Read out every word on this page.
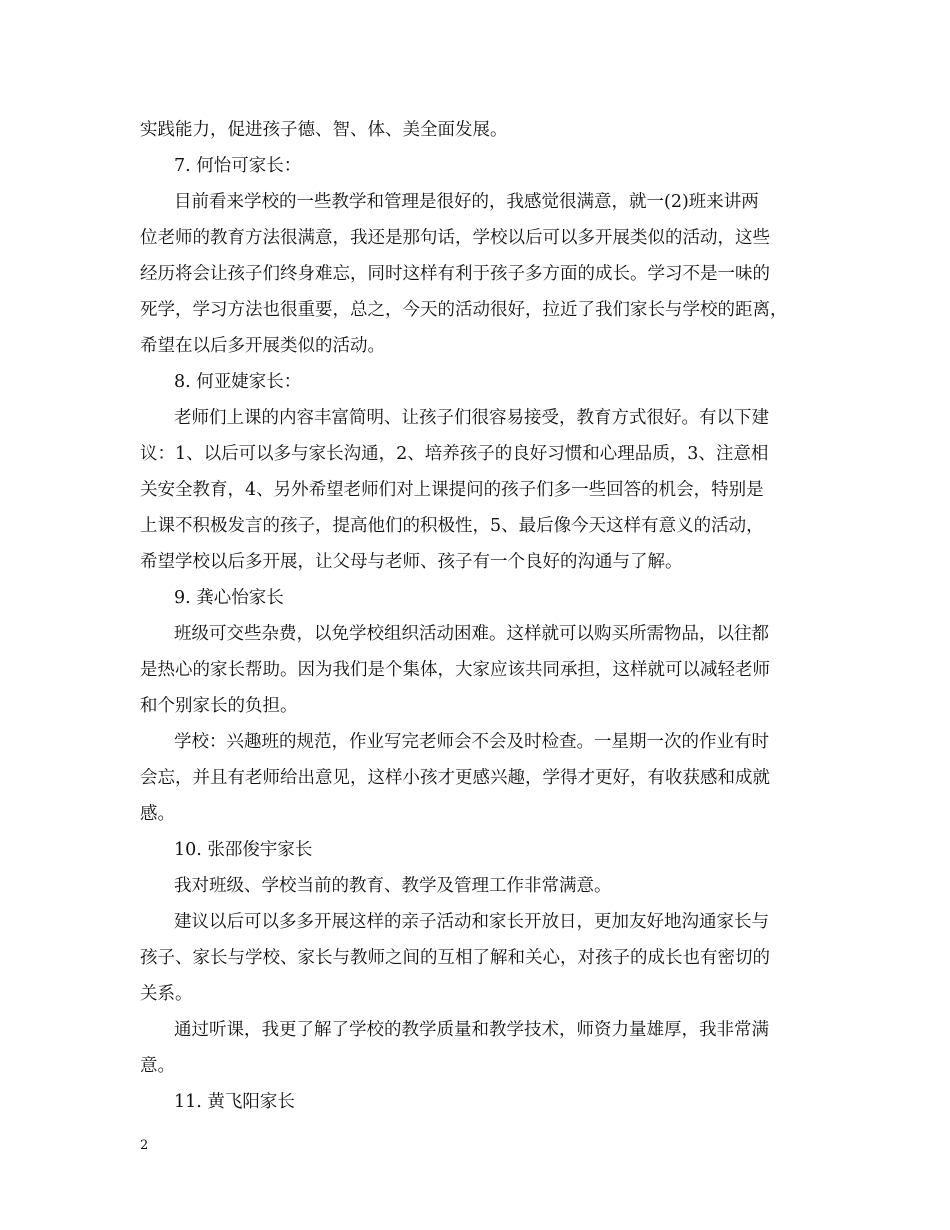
实践能力，促进孩子德、智、体、美全面发展。
7. 何怡可家长：
目前看来学校的一些教学和管理是很好的，我感觉很满意，就一(2)班来讲两
位老师的教育方法很满意，我还是那句话，学校以后可以多开展类似的活动，这些
经历将会让孩子们终身难忘，同时这样有利于孩子多方面的成长。学习不是一味的
死学，学习方法也很重要，总之，今天的活动很好，拉近了我们家长与学校的距离，
希望在以后多开展类似的活动。
8. 何亚婕家长：
老师们上课的内容丰富简明、让孩子们很容易接受，教育方式很好。有以下建
议：1、以后可以多与家长沟通，2、培养孩子的良好习惯和心理品质，3、注意相
关安全教育，4、另外希望老师们对上课提问的孩子们多一些回答的机会，特别是
上课不积极发言的孩子，提高他们的积极性，5、最后像今天这样有意义的活动，
希望学校以后多开展，让父母与老师、孩子有一个良好的沟通与了解。
9. 龚心怡家长
班级可交些杂费，以免学校组织活动困难。这样就可以购买所需物品，以往都
是热心的家长帮助。因为我们是个集体，大家应该共同承担，这样就可以减轻老师
和个别家长的负担。
学校：兴趣班的规范，作业写完老师会不会及时检查。一星期一次的作业有时
会忘，并且有老师给出意见，这样小孩才更感兴趣，学得才更好，有收获感和成就
感。
10. 张邵俊宇家长
我对班级、学校当前的教育、教学及管理工作非常满意。
建议以后可以多多开展这样的亲子活动和家长开放日，更加友好地沟通家长与
孩子、家长与学校、家长与教师之间的互相了解和关心，对孩子的成长也有密切的
关系。
通过听课，我更了解了学校的教学质量和教学技术，师资力量雄厚，我非常满
意。
11. 黄飞阳家长
2
